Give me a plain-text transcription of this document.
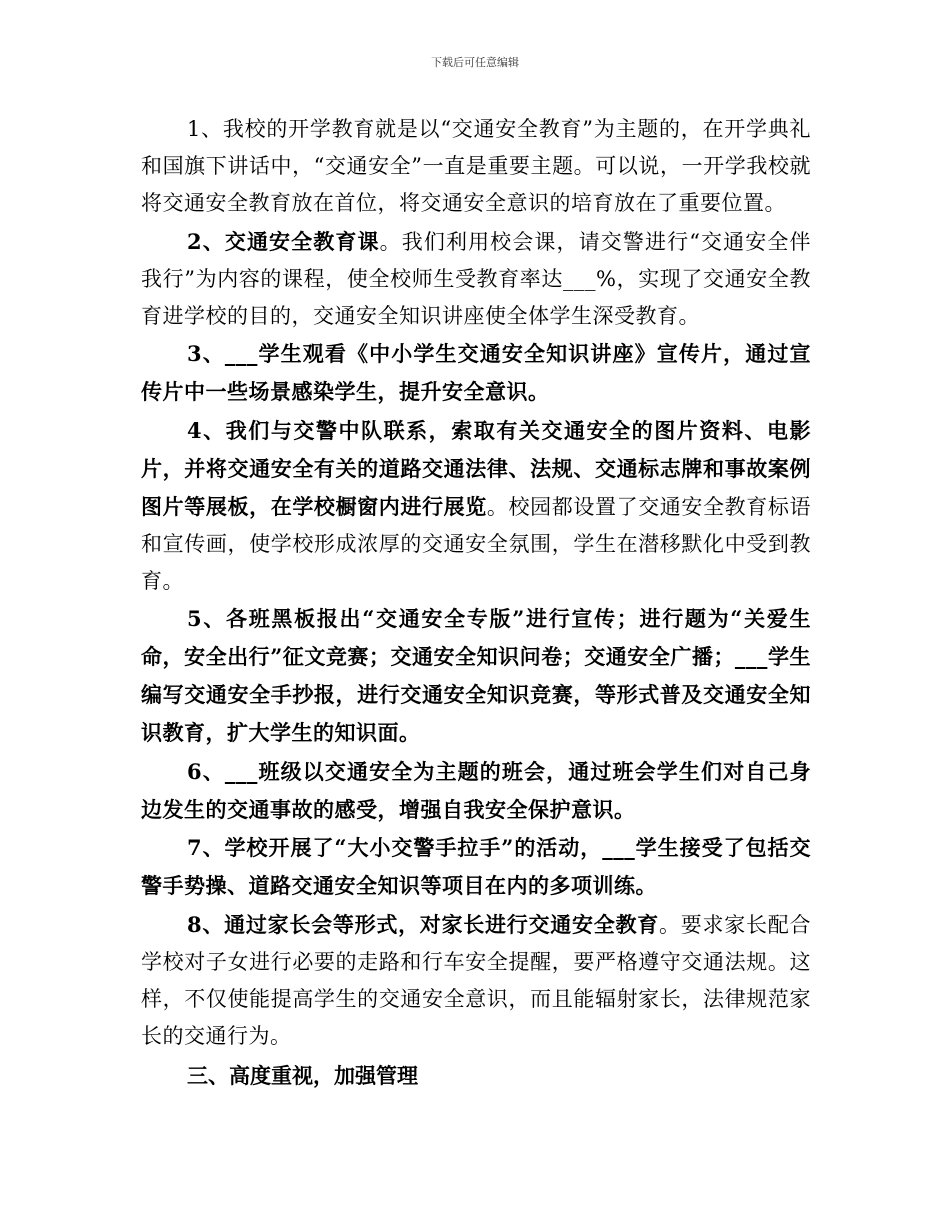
下载后可任意编辑

1、我校的开学教育就是以“交通安全教育”为主题的，在开学典礼和国旗下讲话中，“交通安全”一直是重要主题。可以说，一开学我校就将交通安全教育放在首位，将交通安全意识的培育放在了重要位置。

2、交通安全教育课。我们利用校会课，请交警进行“交通安全伴我行”为内容的课程，使全校师生受教育率达___%，实现了交通安全教育进学校的目的，交通安全知识讲座使全体学生深受教育。

3、___学生观看《中小学生交通安全知识讲座》宣传片，通过宣传片中一些场景感染学生，提升安全意识。

4、我们与交警中队联系，索取有关交通安全的图片资料、电影片，并将交通安全有关的道路交通法律、法规、交通标志牌和事故案例图片等展板，在学校橱窗内进行展览。校园都设置了交通安全教育标语和宣传画，使学校形成浓厚的交通安全氛围，学生在潜移默化中受到教育。

5、各班黑板报出“交通安全专版”进行宣传；进行题为“关爱生命，安全出行”征文竞赛；交通安全知识问卷；交通安全广播；___学生编写交通安全手抄报，进行交通安全知识竞赛，等形式普及交通安全知识教育，扩大学生的知识面。

6、___班级以交通安全为主题的班会，通过班会学生们对自己身边发生的交通事故的感受，增强自我安全保护意识。

7、学校开展了“大小交警手拉手”的活动，___学生接受了包括交警手势操、道路交通安全知识等项目在内的多项训练。

8、通过家长会等形式，对家长进行交通安全教育。要求家长配合学校对子女进行必要的走路和行车安全提醒，要严格遵守交通法规。这样，不仅使能提高学生的交通安全意识，而且能辐射家长，法律规范家长的交通行为。

三、高度重视，加强管理
